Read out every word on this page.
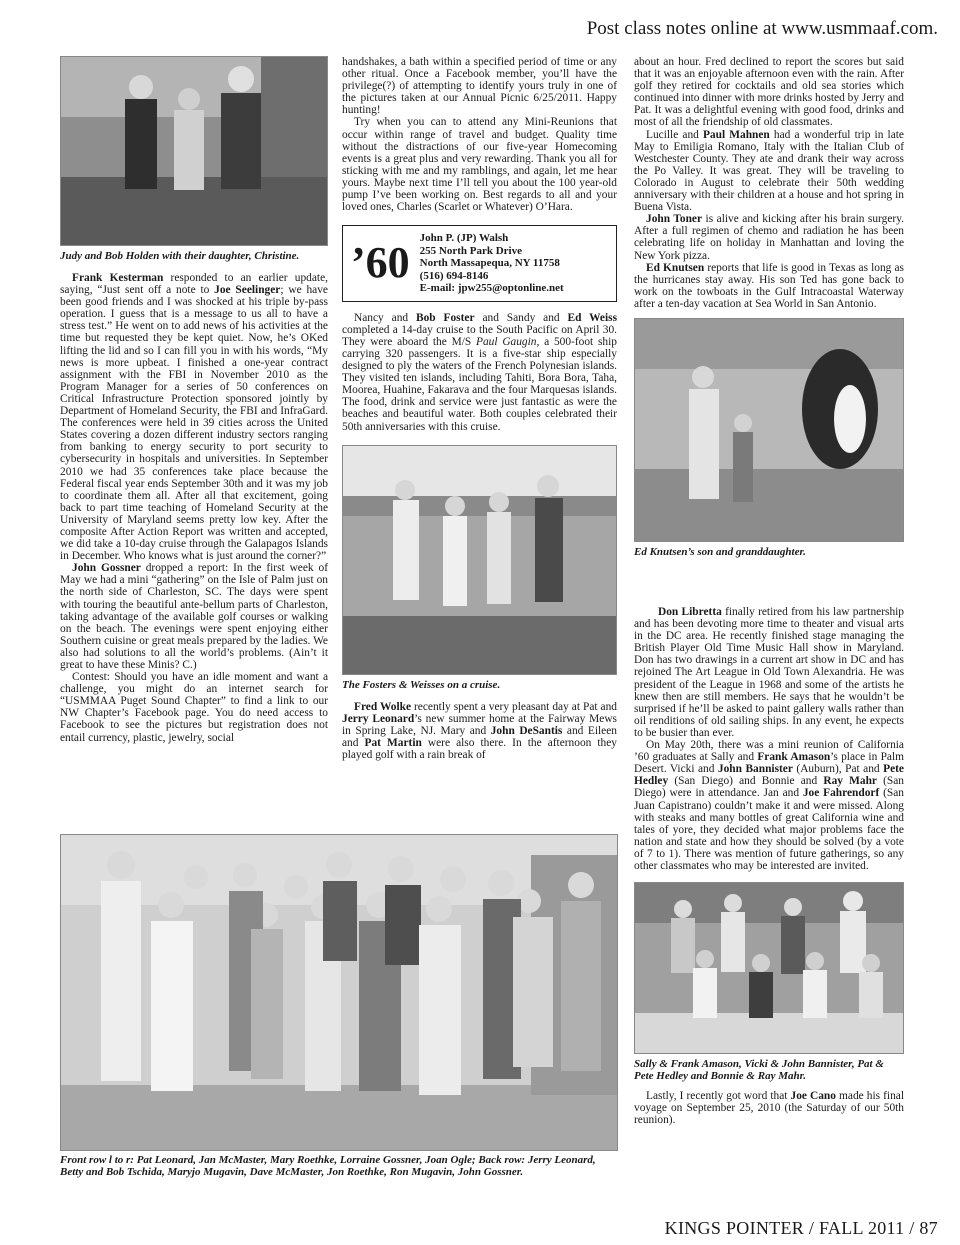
Post class notes online at www.usmmaaf.com.
Judy and Bob Holden with their daughter, Christine.

Frank Kesterman responded to an earlier update, saying, “Just sent off a note to Joe Seelinger; we have been good friends and I was shocked at his triple by-pass operation. I guess that is a message to us all to have a stress test.” He went on to add news of his activities at the time but requested they be kept quiet. Now, he’s OKed lifting the lid and so I can fill you in with his words, “My news is more upbeat. I finished a one-year contract assignment with the FBI in November 2010 as the Program Manager for a series of 50 conferences on Critical Infrastructure Protection sponsored jointly by Department of Homeland Security, the FBI and InfraGard. The conferences were held in 39 cities across the United States covering a dozen different industry sectors ranging from banking to energy security to port security to cybersecurity in hospitals and universities. In September 2010 we had 35 conferences take place because the Federal fiscal year ends September 30th and it was my job to coordinate them all. After all that excitement, going back to part time teaching of Homeland Security at the University of Maryland seems pretty low key. After the composite After Action Report was written and accepted, we did take a 10-day cruise through the Galapagos Islands in December. Who knows what is just around the corner?”

John Gossner dropped a report: In the first week of May we had a mini “gathering” on the Isle of Palm just on the north side of Charleston, SC. The days were spent with touring the beautiful ante-bellum parts of Charleston, taking advantage of the available golf courses or walking on the beach. The evenings were spent enjoying either Southern cuisine or great meals prepared by the ladies. We also had solutions to all the world’s problems. (Ain’t it great to have these Minis? C.)

Contest: Should you have an idle moment and want a challenge, you might do an internet search for “USMMAA Puget Sound Chapter” to find a link to our NW Chapter’s Facebook page. You do need access to Facebook to see the pictures but registration does not entail currency, plastic, jewelry, social

handshakes, a bath within a specified period of time or any other ritual. Once a Facebook member, you’ll have the privilege(?) of attempting to identify yours truly in one of the pictures taken at our Annual Picnic 6/25/2011. Happy hunting!

Try when you can to attend any Mini-Reunions that occur within range of travel and budget. Quality time without the distractions of our five-year Homecoming events is a great plus and very rewarding. Thank you all for sticking with me and my ramblings, and again, let me hear yours. Maybe next time I’ll tell you about the 100 year-old pump I’ve been working on. Best regards to all and your loved ones, Charles (Scarlet or Whatever) O’Hara.

’60
John P. (JP) Walsh
255 North Park Drive
North Massapequa, NY 11758
(516) 694-8146
E-mail: jpw255@optonline.net

Nancy and Bob Foster and Sandy and Ed Weiss completed a 14-day cruise to the South Pacific on April 30. They were aboard the M/S Paul Gaugin, a 500-foot ship carrying 320 passengers. It is a five-star ship especially designed to ply the waters of the French Polynesian islands. They visited ten islands, including Tahiti, Bora Bora, Taha, Moorea, Huahine, Fakarava and the four Marquesas islands. The food, drink and service were just fantastic as were the beaches and beautiful water. Both couples celebrated their 50th anniversaries with this cruise.

The Fosters & Weisses on a cruise.

Fred Wolke recently spent a very pleasant day at Pat and Jerry Leonard’s new summer home at the Fairway Mews in Spring Lake, NJ. Mary and John DeSantis and Eileen and Pat Martin were also there. In the afternoon they played golf with a rain break of

about an hour. Fred declined to report the scores but said that it was an enjoyable afternoon even with the rain. After golf they retired for cocktails and old sea stories which continued into dinner with more drinks hosted by Jerry and Pat. It was a delightful evening with good food, drinks and most of all the friendship of old classmates.

Lucille and Paul Mahnen had a wonderful trip in late May to Emiligia Romano, Italy with the Italian Club of Westchester County. They ate and drank their way across the Po Valley. It was great. They will be traveling to Colorado in August to celebrate their 50th wedding anniversary with their children at a house and hot spring in Buena Vista.

John Toner is alive and kicking after his brain surgery. After a full regimen of chemo and radiation he has been celebrating life on holiday in Manhattan and loving the New York pizza.

Ed Knutsen reports that life is good in Texas as long as the hurricanes stay away. His son Ted has gone back to work on the towboats in the Gulf Intracoastal Waterway after a ten-day vacation at Sea World in San Antonio.

Ed Knutsen’s son and granddaughter.

Don Libretta finally retired from his law partnership and has been devoting more time to theater and visual arts in the DC area. He recently finished stage managing the British Player Old Time Music Hall show in Maryland. Don has two drawings in a current art show in DC and has rejoined The Art League in Old Town Alexandria. He was president of the League in 1968 and some of the artists he knew then are still members. He says that he wouldn’t be surprised if he’ll be asked to paint gallery walls rather than oil renditions of old sailing ships. In any event, he expects to be busier than ever.

On May 20th, there was a mini reunion of California ’60 graduates at Sally and Frank Amason’s place in Palm Desert. Vicki and John Bannister (Auburn), Pat and Pete Hedley (San Diego) and Bonnie and Ray Mahr (San Diego) were in attendance. Jan and Joe Fahrendorf (San Juan Capistrano) couldn’t make it and were missed. Along with steaks and many bottles of great California wine and tales of yore, they decided what major problems face the nation and state and how they should be solved (by a vote of 7 to 1). There was mention of future gatherings, so any other classmates who may be interested are invited.

Sally & Frank Amason, Vicki & John Bannister, Pat & Pete Hedley and Bonnie & Ray Mahr.

Lastly, I recently got word that Joe Cano made his final voyage on September 25, 2010 (the Saturday of our 50th reunion).

Front row l to r: Pat Leonard, Jan McMaster, Mary Roethke, Lorraine Gossner, Joan Ogle; Back row: Jerry Leonard, Betty and Bob Tschida, Maryjo Mugavin, Dave McMaster, Jon Roethke, Ron Mugavin, John Gossner.
KINGS POINTER / FALL 2011 / 87
